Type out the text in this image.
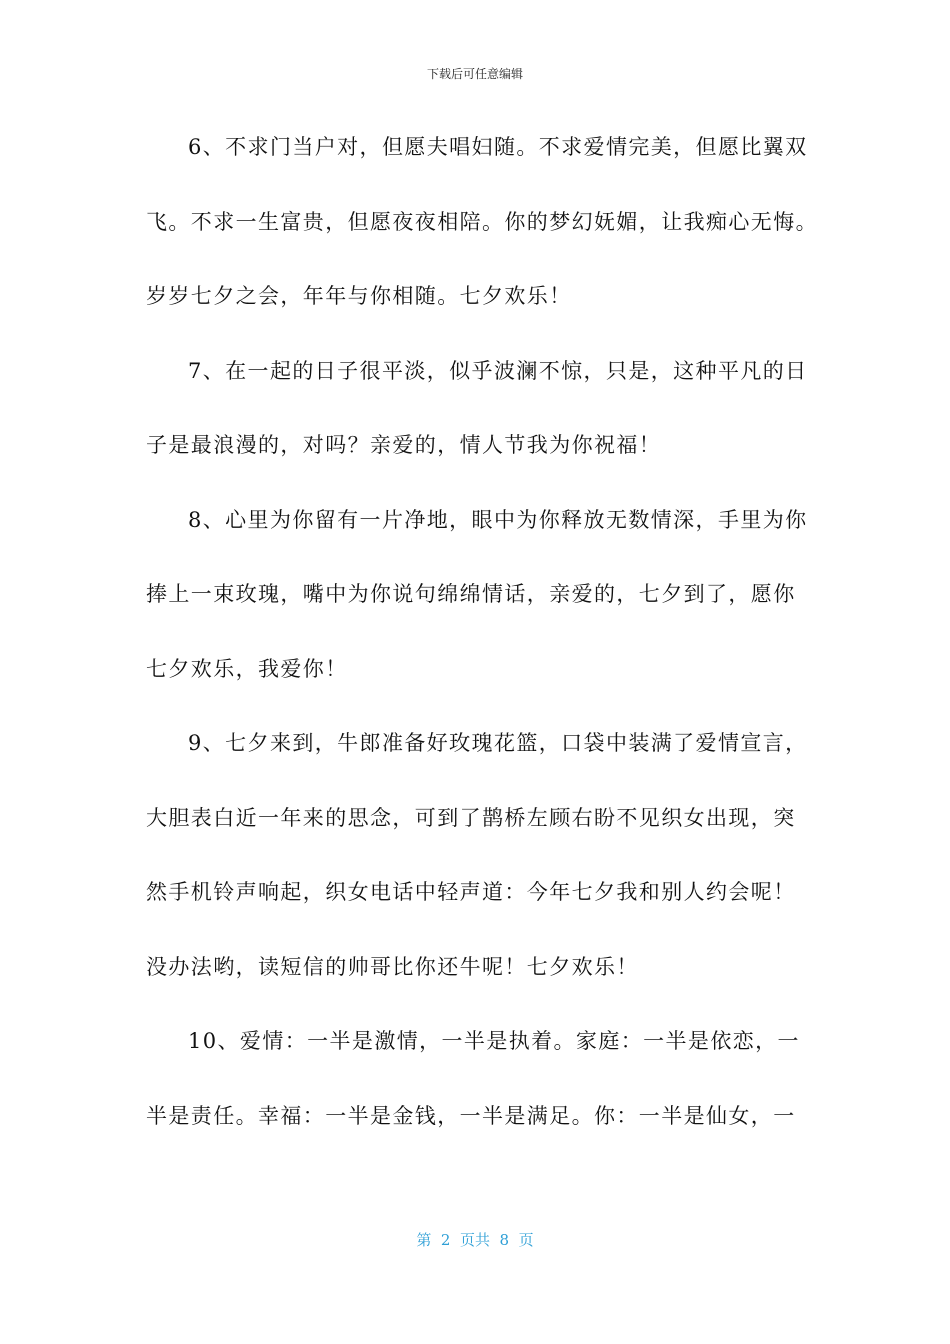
下载后可任意编辑
6、不求门当户对，但愿夫唱妇随。不求爱情完美，但愿比翼双
飞。不求一生富贵，但愿夜夜相陪。你的梦幻妩媚，让我痴心无悔。
岁岁七夕之会，年年与你相随。七夕欢乐！
7、在一起的日子很平淡，似乎波澜不惊，只是，这种平凡的日
子是最浪漫的，对吗？亲爱的，情人节我为你祝福！
8、心里为你留有一片净地，眼中为你释放无数情深，手里为你
捧上一束玫瑰，嘴中为你说句绵绵情话，亲爱的，七夕到了，愿你
七夕欢乐，我爱你！
9、七夕来到，牛郎准备好玫瑰花篮，口袋中装满了爱情宣言，
大胆表白近一年来的思念，可到了鹊桥左顾右盼不见织女出现，突
然手机铃声响起，织女电话中轻声道：今年七夕我和别人约会呢！
没办法哟，读短信的帅哥比你还牛呢！七夕欢乐！
10、爱情：一半是激情，一半是执着。家庭：一半是依恋，一
半是责任。幸福：一半是金钱，一半是满足。你：一半是仙女，一
第  2  页共  8  页
